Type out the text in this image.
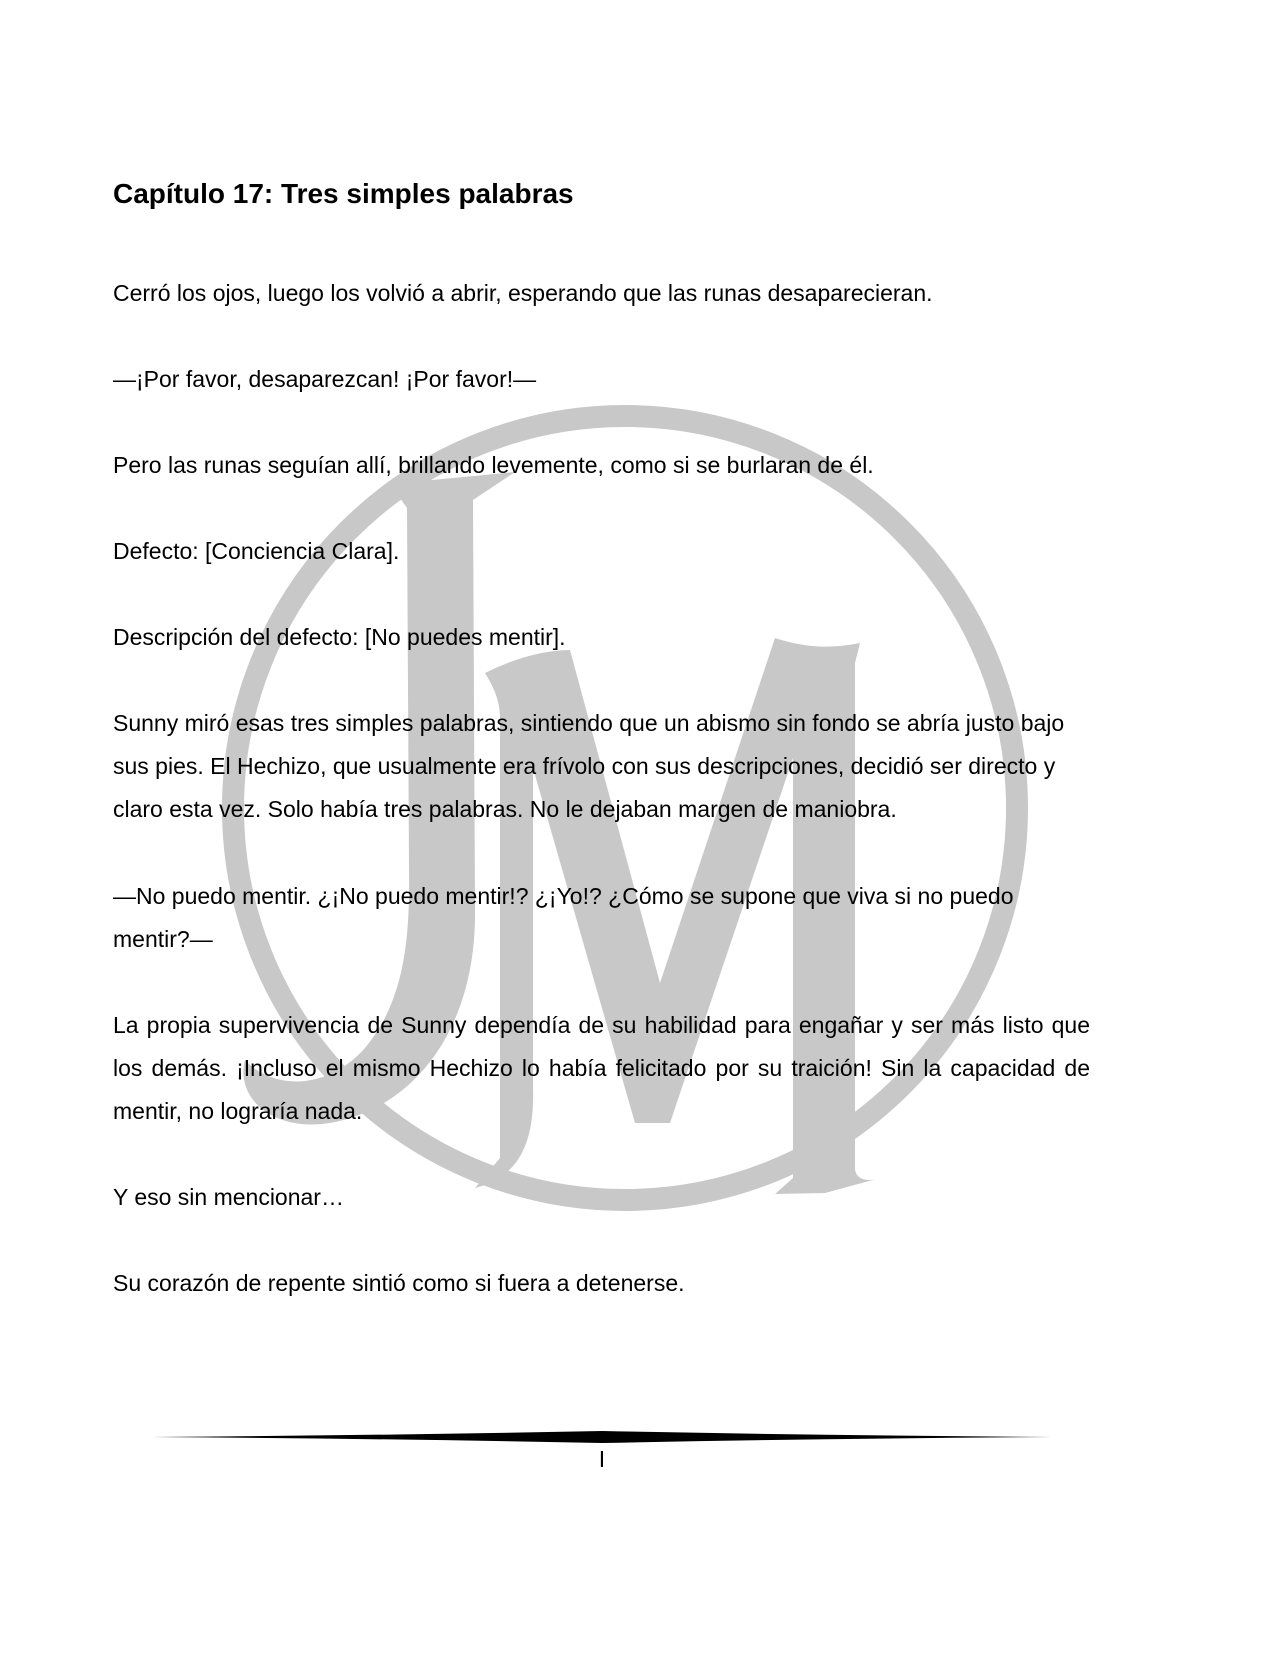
Capítulo 17: Tres simples palabras

Cerró los ojos, luego los volvió a abrir, esperando que las runas desaparecieran.

—¡Por favor, desaparezcan! ¡Por favor!—

Pero las runas seguían allí, brillando levemente, como si se burlaran de él.

Defecto: [Conciencia Clara].

Descripción del defecto: [No puedes mentir].

Sunny miró esas tres simples palabras, sintiendo que un abismo sin fondo se abría justo bajo sus pies. El Hechizo, que usualmente era frívolo con sus descripciones, decidió ser directo y claro esta vez. Solo había tres palabras. No le dejaban margen de maniobra.

—No puedo mentir. ¿¡No puedo mentir!? ¿¡Yo!? ¿Cómo se supone que viva si no puedo mentir?—

La propia supervivencia de Sunny dependía de su habilidad para engañar y ser más listo que los demás. ¡Incluso el mismo Hechizo lo había felicitado por su traición! Sin la capacidad de mentir, no lograría nada.

Y eso sin mencionar…

Su corazón de repente sintió como si fuera a detenerse.

I
